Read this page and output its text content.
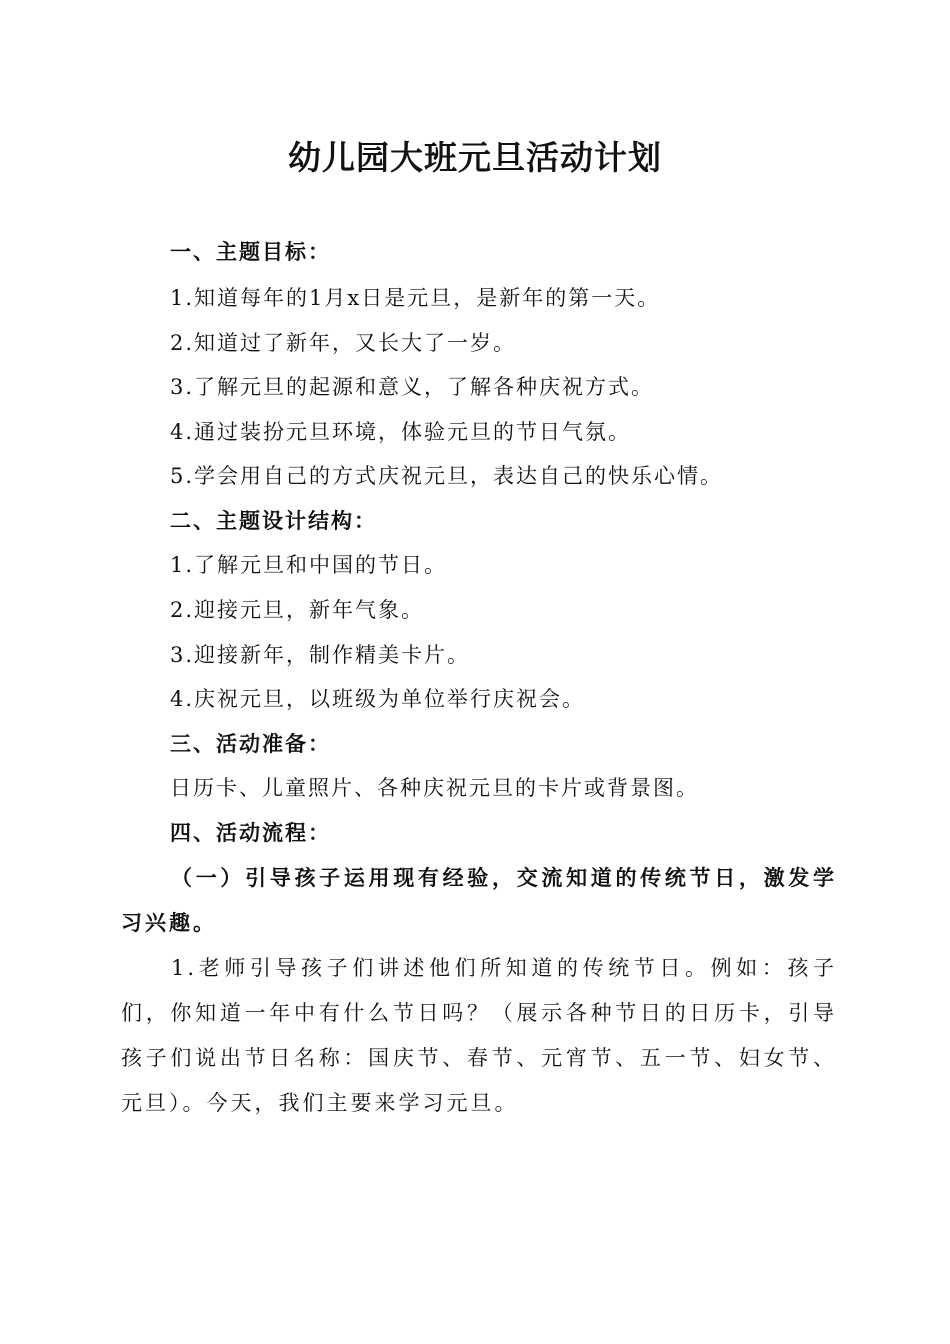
幼儿园大班元旦活动计划
一、主题目标：
1.知道每年的1月x日是元旦，是新年的第一天。
2.知道过了新年，又长大了一岁。
3.了解元旦的起源和意义，了解各种庆祝方式。
4.通过装扮元旦环境，体验元旦的节日气氛。
5.学会用自己的方式庆祝元旦，表达自己的快乐心情。
二、主题设计结构：
1.了解元旦和中国的节日。
2.迎接元旦，新年气象。
3.迎接新年，制作精美卡片。
4.庆祝元旦，以班级为单位举行庆祝会。
三、活动准备：
日历卡、儿童照片、各种庆祝元旦的卡片或背景图。
四、活动流程：
（一）引导孩子运用现有经验，交流知道的传统节日，激发学习兴趣。
1.老师引导孩子们讲述他们所知道的传统节日。例如：孩子们，你知道一年中有什么节日吗？（展示各种节日的日历卡，引导孩子们说出节日名称：国庆节、春节、元宵节、五一节、妇女节、元旦）。今天，我们主要来学习元旦。
